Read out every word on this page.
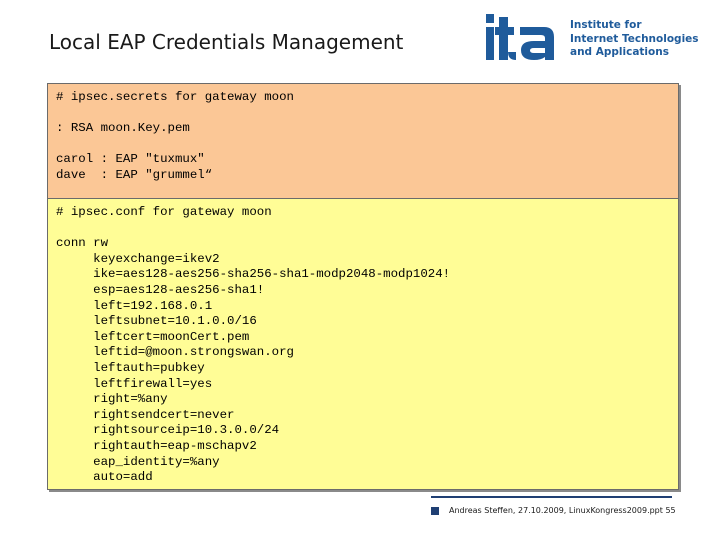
Local EAP Credentials Management
Institute for
Internet Technologies
and Applications
# ipsec.secrets for gateway moon
: RSA moon.Key.pem
carol : EAP "tuxmux"
dave  : EAP "grummel“
# ipsec.conf for gateway moon
conn rw
keyexchange=ikev2
ike=aes128-aes256-sha256-sha1-modp2048-modp1024!
esp=aes128-aes256-sha1!
left=192.168.0.1
leftsubnet=10.1.0.0/16
leftcert=moonCert.pem
leftid=@moon.strongswan.org
leftauth=pubkey
leftfirewall=yes
right=%any
rightsendcert=never
rightsourceip=10.3.0.0/24
rightauth=eap-mschapv2
eap_identity=%any
auto=add
Andreas Steffen, 27.10.2009, LinuxKongress2009.ppt 55
